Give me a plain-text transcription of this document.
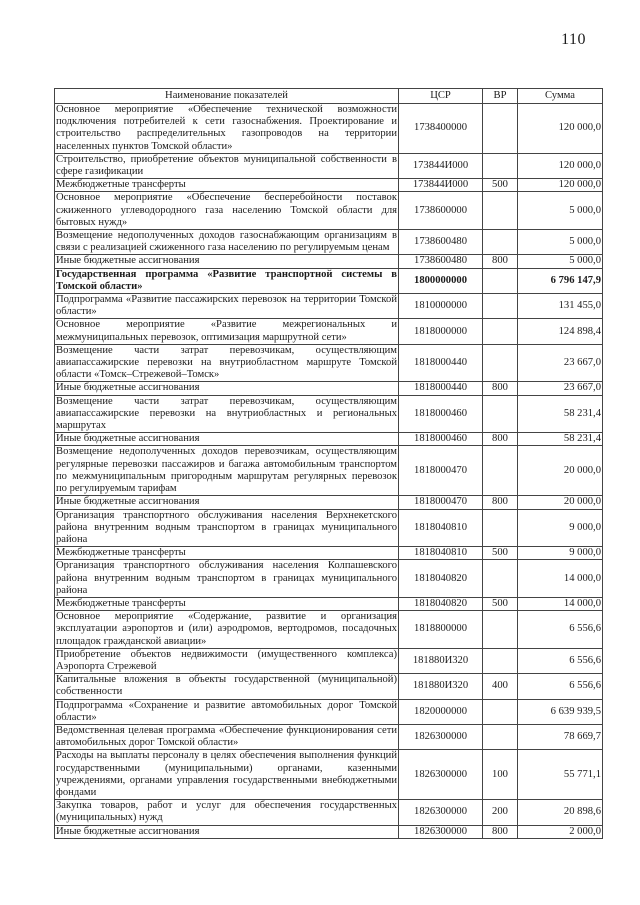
110
Наименование показателей	ЦСР	ВР	Сумма
Основное мероприятие «Обеспечение технической возможности подключения потребителей к сети газоснабжения. Проектирование и строительство распределительных газопроводов на территории населенных пунктов Томской области»	1738400000		120 000,0
Строительство, приобретение объектов муниципальной собственности в сфере газификации	173844И000		120 000,0
Межбюджетные трансферты	173844И000	500	120 000,0
Основное мероприятие «Обеспечение бесперебойности поставок сжиженного углеводородного газа населению Томской области для бытовых нужд»	1738600000		5 000,0
Возмещение недополученных доходов газоснабжающим организациям в связи с реализацией сжиженного газа населению по регулируемым ценам	1738600480		5 000,0
Иные бюджетные ассигнования	1738600480	800	5 000,0
Государственная программа «Развитие транспортной системы в Томской области»	1800000000		6 796 147,9
Подпрограмма «Развитие пассажирских перевозок на территории Томской области»	1810000000		131 455,0
Основное мероприятие «Развитие межрегиональных и межмуниципальных перевозок, оптимизация маршрутной сети»	1818000000		124 898,4
Возмещение части затрат перевозчикам, осуществляющим авиапассажирские перевозки на внутриобластном маршруте Томской области «Томск–Стрежевой–Томск»	1818000440		23 667,0
Иные бюджетные ассигнования	1818000440	800	23 667,0
Возмещение части затрат перевозчикам, осуществляющим авиапассажирские перевозки на внутриобластных и региональных маршрутах	1818000460		58 231,4
Иные бюджетные ассигнования	1818000460	800	58 231,4
Возмещение недополученных доходов перевозчикам, осуществляющим регулярные перевозки пассажиров и багажа автомобильным транспортом по межмуниципальным пригородным маршрутам регулярных перевозок по регулируемым тарифам	1818000470		20 000,0
Иные бюджетные ассигнования	1818000470	800	20 000,0
Организация транспортного обслуживания населения Верхнекетского района внутренним водным транспортом в границах муниципального района	1818040810		9 000,0
Межбюджетные трансферты	1818040810	500	9 000,0
Организация транспортного обслуживания населения Колпашевского района внутренним водным транспортом в границах муниципального района	1818040820		14 000,0
Межбюджетные трансферты	1818040820	500	14 000,0
Основное мероприятие «Содержание, развитие и организация эксплуатации аэропортов и (или) аэродромов, вертодромов, посадочных площадок гражданской авиации»	1818800000		6 556,6
Приобретение объектов недвижимости (имущественного комплекса) Аэропорта Стрежевой	181880И320		6 556,6
Капитальные вложения в объекты государственной (муниципальной) собственности	181880И320	400	6 556,6
Подпрограмма «Сохранение и развитие автомобильных дорог Томской области»	1820000000		6 639 939,5
Ведомственная целевая программа «Обеспечение функционирования сети автомобильных дорог Томской области»	1826300000		78 669,7
Расходы на выплаты персоналу в целях обеспечения выполнения функций государственными (муниципальными) органами, казенными учреждениями, органами управления государственными внебюджетными фондами	1826300000	100	55 771,1
Закупка товаров, работ и услуг для обеспечения государственных (муниципальных) нужд	1826300000	200	20 898,6
Иные бюджетные ассигнования	1826300000	800	2 000,0
